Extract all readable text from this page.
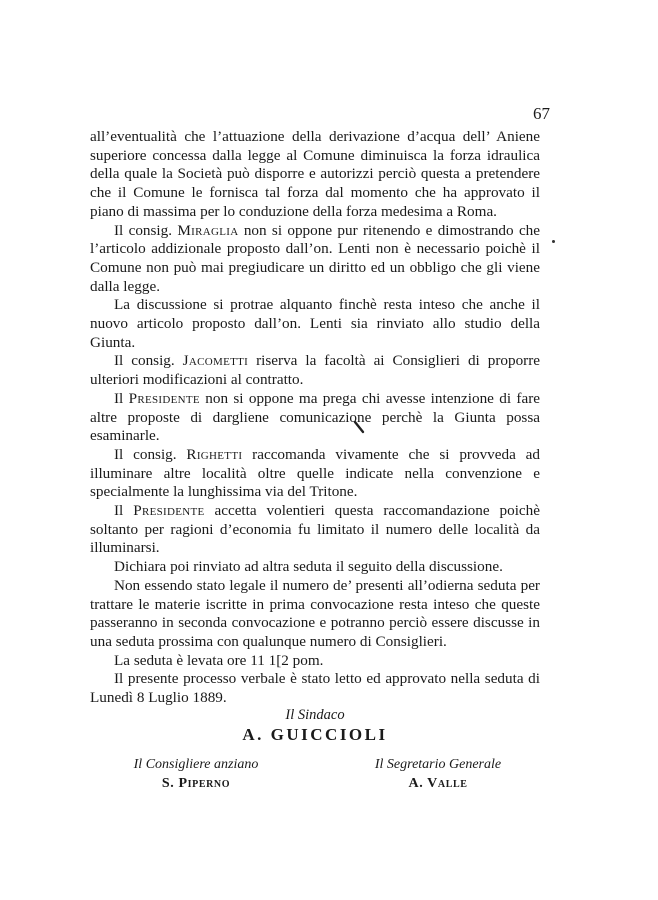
67

all’eventualità che l’attuazione della derivazione d’acqua dell’ Aniene superiore concessa dalla legge al Comune diminuisca la forza idraulica della quale la Società può disporre e autorizzi perciò questa a pretendere che il Comune le fornisca tal forza dal momento che ha approvato il piano di massima per lo conduzione della forza medesima a Roma.

Il consig. Miraglia non si oppone pur ritenendo e dimostrando che l’articolo addizionale proposto dall’on. Lenti non è necessario poichè il Comune non può mai pregiudicare un diritto ed un obbligo che gli viene dalla legge.

La discussione si protrae alquanto finchè resta inteso che anche il nuovo articolo proposto dall’on. Lenti sia rinviato allo studio della Giunta.

Il consig. Jacometti riserva la facoltà ai Consiglieri di proporre ulteriori modificazioni al contratto.

Il Presidente non si oppone ma prega chi avesse intenzione di fare altre proposte di dargliene comunicazione perchè la Giunta possa esaminarle.

Il consig. Righetti raccomanda vivamente che si provveda ad illuminare altre località oltre quelle indicate nella convenzione e specialmente la lunghissima via del Tritone.

Il Presidente accetta volentieri questa raccomandazione poichè soltanto per ragioni d’economia fu limitato il numero delle località da illuminarsi.

Dichiara poi rinviato ad altra seduta il seguito della discussione.

Non essendo stato legale il numero de’ presenti all’odierna seduta per trattare le materie iscritte in prima convocazione resta inteso che queste passeranno in seconda convocazione e potranno perciò essere discusse in una seduta prossima con qualunque numero di Consiglieri.

La seduta è levata ore 11 1[2 pom.

Il presente processo verbale è stato letto ed approvato nella seduta di Lunedì 8 Luglio 1889.

Il Sindaco
A. GUICCIOLI
Il Consigliere anziano
S. Piperno
Il Segretario Generale
A. Valle
